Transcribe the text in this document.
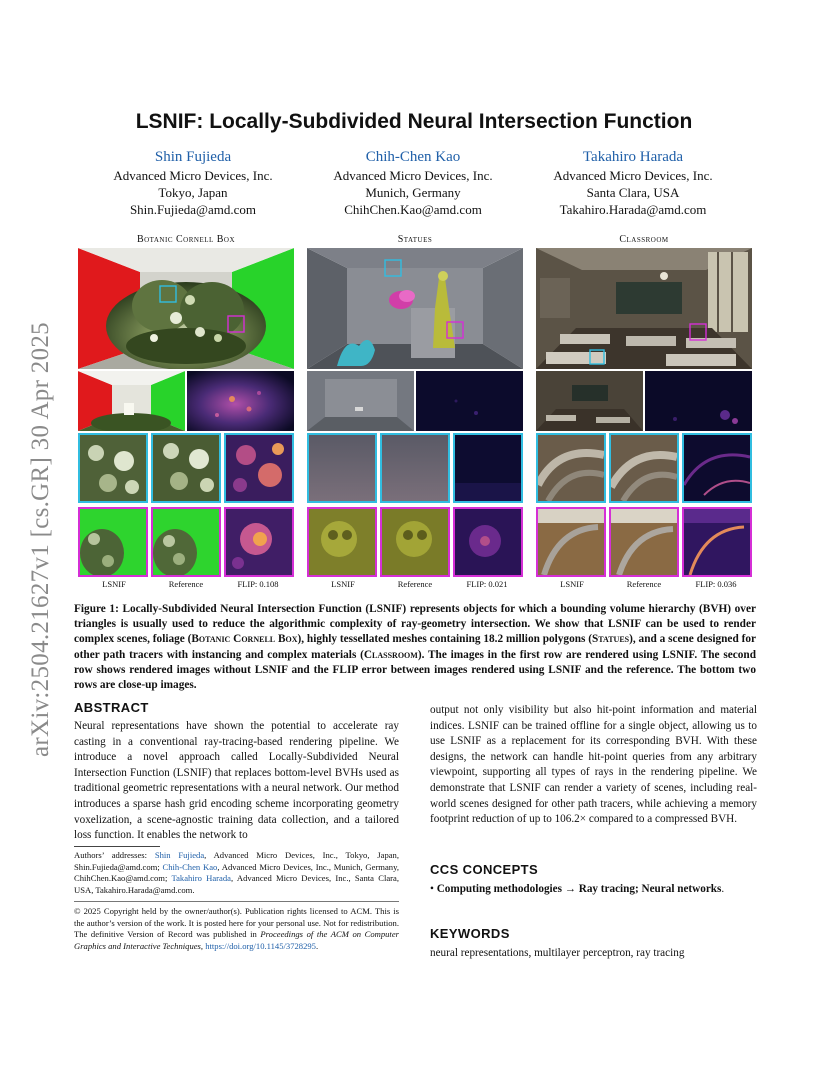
arXiv:2504.21627v1 [cs.GR] 30 Apr 2025
LSNIF: Locally-Subdivided Neural Intersection Function
Shin Fujieda
Advanced Micro Devices, Inc.
Tokyo, Japan
Shin.Fujieda@amd.com
Chih-Chen Kao
Advanced Micro Devices, Inc.
Munich, Germany
ChihChen.Kao@amd.com
Takahiro Harada
Advanced Micro Devices, Inc.
Santa Clara, USA
Takahiro.Harada@amd.com
Botanic Cornell Box
LSNIF	Reference	FLIP: 0.108
Statues
LSNIF	Reference	FLIP: 0.021
Classroom
LSNIF	Reference	FLIP: 0.036
Figure 1: Locally-Subdivided Neural Intersection Function (LSNIF) represents objects for which a bounding volume hierarchy (BVH) over triangles is usually used to reduce the algorithmic complexity of ray-geometry intersection. We show that LSNIF can be used to render complex scenes, foliage (Botanic Cornell Box), highly tessellated meshes containing 18.2 million polygons (Statues), and a scene designed for other path tracers with instancing and complex materials (Classroom). The images in the first row are rendered using LSNIF. The second row shows rendered images without LSNIF and the FLIP error between images rendered using LSNIF and the reference. The bottom two rows are close-up images.
ABSTRACT
Neural representations have shown the potential to accelerate ray casting in a conventional ray-tracing-based rendering pipeline. We introduce a novel approach called Locally-Subdivided Neural Intersection Function (LSNIF) that replaces bottom-level BVHs used as traditional geometric representations with a neural network. Our method introduces a sparse hash grid encoding scheme incorporating geometry voxelization, a scene-agnostic training data collection, and a tailored loss function. It enables the network to
output not only visibility but also hit-point information and material indices. LSNIF can be trained offline for a single object, allowing us to use LSNIF as a replacement for its corresponding BVH. With these designs, the network can handle hit-point queries from any arbitrary viewpoint, supporting all types of rays in the rendering pipeline. We demonstrate that LSNIF can render a variety of scenes, including real-world scenes designed for other path tracers, while achieving a memory footprint reduction of up to 106.2× compared to a compressed BVH.
Authors’ addresses: Shin Fujieda, Advanced Micro Devices, Inc., Tokyo, Japan, Shin.Fujieda@amd.com; Chih-Chen Kao, Advanced Micro Devices, Inc., Munich, Germany, ChihChen.Kao@amd.com; Takahiro Harada, Advanced Micro Devices, Inc., Santa Clara, USA, Takahiro.Harada@amd.com.
© 2025 Copyright held by the owner/author(s). Publication rights licensed to ACM. This is the author’s version of the work. It is posted here for your personal use. Not for redistribution. The definitive Version of Record was published in Proceedings of the ACM on Computer Graphics and Interactive Techniques, https://doi.org/10.1145/3728295.
CCS CONCEPTS
• Computing methodologies → Ray tracing; Neural networks.
KEYWORDS
neural representations, multilayer perceptron, ray tracing
